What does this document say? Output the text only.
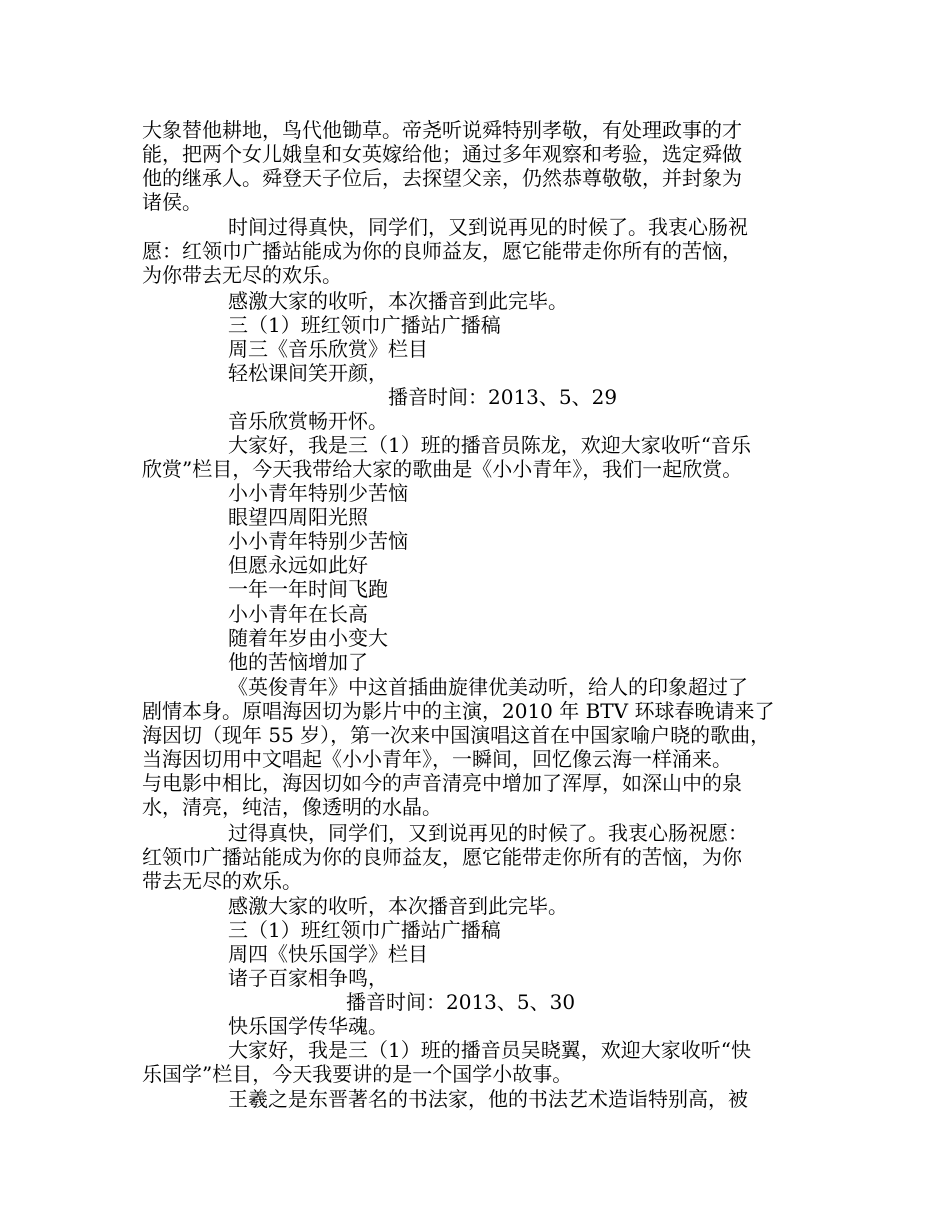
大象替他耕地，鸟代他锄草。帝尧听说舜特别孝敬，有处理政事的才
能，把两个女儿娥皇和女英嫁给他；通过多年观察和考验，选定舜做
他的继承人。舜登天子位后，去探望父亲，仍然恭尊敬敬，并封象为
诸侯。
时间过得真快，同学们，又到说再见的时候了。我衷心肠祝
愿：红领巾广播站能成为你的良师益友，愿它能带走你所有的苦恼，
为你带去无尽的欢乐。
感激大家的收听，本次播音到此完毕。
三（1）班红领巾广播站广播稿
周三《音乐欣赏》栏目
轻松课间笑开颜，
播音时间：2013、5、29
音乐欣赏畅开怀。
大家好，我是三（1）班的播音员陈龙，欢迎大家收听“音乐
欣赏”栏目，今天我带给大家的歌曲是《小小青年》，我们一起欣赏。
小小青年特别少苦恼
眼望四周阳光照
小小青年特别少苦恼
但愿永远如此好
一年一年时间飞跑
小小青年在长高
随着年岁由小变大
他的苦恼增加了
《英俊青年》中这首插曲旋律优美动听，给人的印象超过了
剧情本身。原唱海因切为影片中的主演，2010 年 BTV 环球春晚请来了
海因切（现年 55 岁），第一次来中国演唱这首在中国家喻户晓的歌曲，
当海因切用中文唱起《小小青年》，一瞬间，回忆像云海一样涌来。
与电影中相比，海因切如今的声音清亮中增加了浑厚，如深山中的泉
水，清亮，纯洁，像透明的水晶。
过得真快，同学们，又到说再见的时候了。我衷心肠祝愿：
红领巾广播站能成为你的良师益友，愿它能带走你所有的苦恼，为你
带去无尽的欢乐。
感激大家的收听，本次播音到此完毕。
三（1）班红领巾广播站广播稿
周四《快乐国学》栏目
诸子百家相争鸣，
播音时间：2013、5、30
快乐国学传华魂。
大家好，我是三（1）班的播音员吴晓翼，欢迎大家收听“快
乐国学”栏目，今天我要讲的是一个国学小故事。
王羲之是东晋著名的书法家，他的书法艺术造诣特别高，被
